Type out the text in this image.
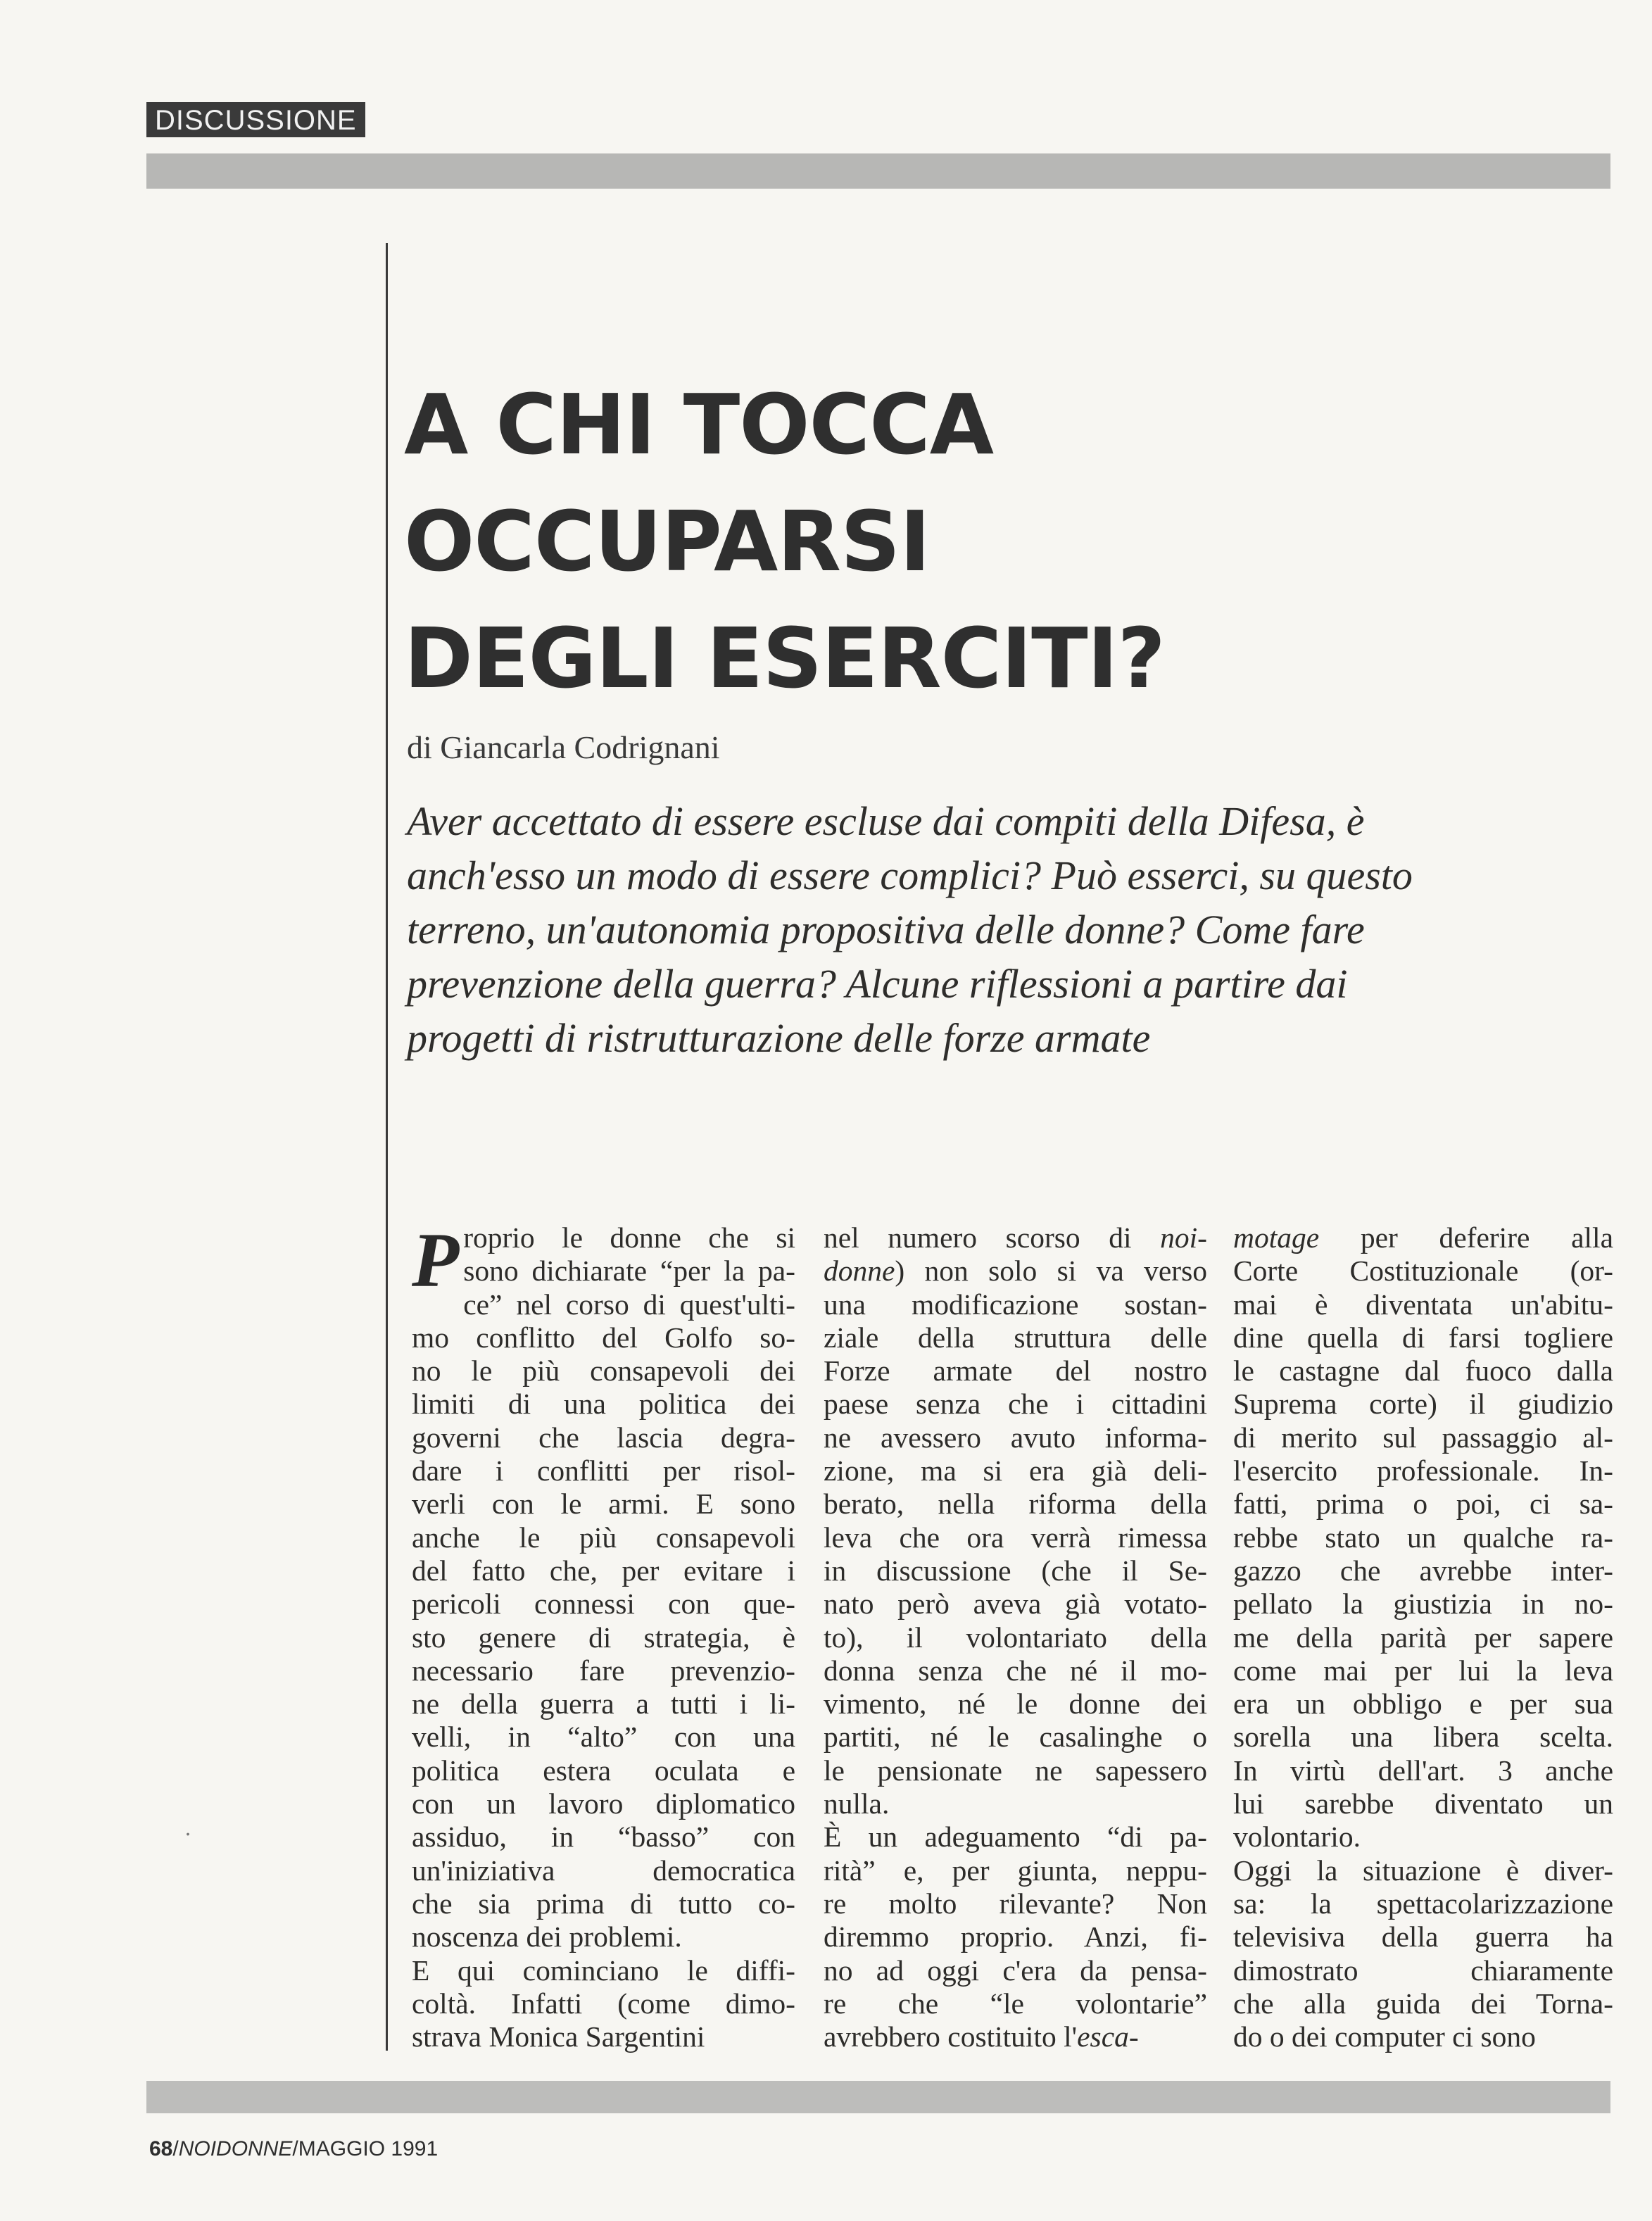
DISCUSSIONE
A CHI TOCCA
OCCUPARSI
DEGLI ESERCITI?
di Giancarla Codrignani
Aver accettato di essere escluse dai compiti della Difesa, è
anch'esso un modo di essere complici? Può esserci, su questo
terreno, un'autonomia propositiva delle donne? Come fare
prevenzione della guerra? Alcune riflessioni a partire dai
progetti di ristrutturazione delle forze armate
P roprio le donne che si
sono dichiarate “per la pa-
ce” nel corso di quest'ulti-
mo conflitto del Golfo so-
no le più consapevoli dei
limiti di una politica dei
governi che lascia degra-
dare i conflitti per risol-
verli con le armi. E sono
anche le più consapevoli
del fatto che, per evitare i
pericoli connessi con que-
sto genere di strategia, è
necessario fare prevenzio-
ne della guerra a tutti i li-
velli, in “alto” con una
politica estera oculata e
con un lavoro diplomatico
assiduo, in “basso” con
un'iniziativa democratica
che sia prima di tutto co-
noscenza dei problemi.
E qui cominciano le diffi-
coltà. Infatti (come dimo-
strava Monica Sargentini
nel numero scorso di noi-
donne) non solo si va verso
una modificazione sostan-
ziale della struttura delle
Forze armate del nostro
paese senza che i cittadini
ne avessero avuto informa-
zione, ma si era già deli-
berato, nella riforma della
leva che ora verrà rimessa
in discussione (che il Se-
nato però aveva già votato-
to), il volontariato della
donna senza che né il mo-
vimento, né le donne dei
partiti, né le casalinghe o
le pensionate ne sapessero
nulla.
È un adeguamento “di pa-
rità” e, per giunta, neppu-
re molto rilevante? Non
diremmo proprio. Anzi, fi-
no ad oggi c'era da pensa-
re che “le volontarie”
avrebbero costituito l'esca-
motage per deferire alla
Corte Costituzionale (or-
mai è diventata un'abitu-
dine quella di farsi togliere
le castagne dal fuoco dalla
Suprema corte) il giudizio
di merito sul passaggio al-
l'esercito professionale. In-
fatti, prima o poi, ci sa-
rebbe stato un qualche ra-
gazzo che avrebbe inter-
pellato la giustizia in no-
me della parità per sapere
come mai per lui la leva
era un obbligo e per sua
sorella una libera scelta.
In virtù dell'art. 3 anche
lui sarebbe diventato un
volontario.
Oggi la situazione è diver-
sa: la spettacolarizzazione
televisiva della guerra ha
dimostrato chiaramente
che alla guida dei Torna-
do o dei computer ci sono
․
68/NOIDONNE/MAGGIO 1991
